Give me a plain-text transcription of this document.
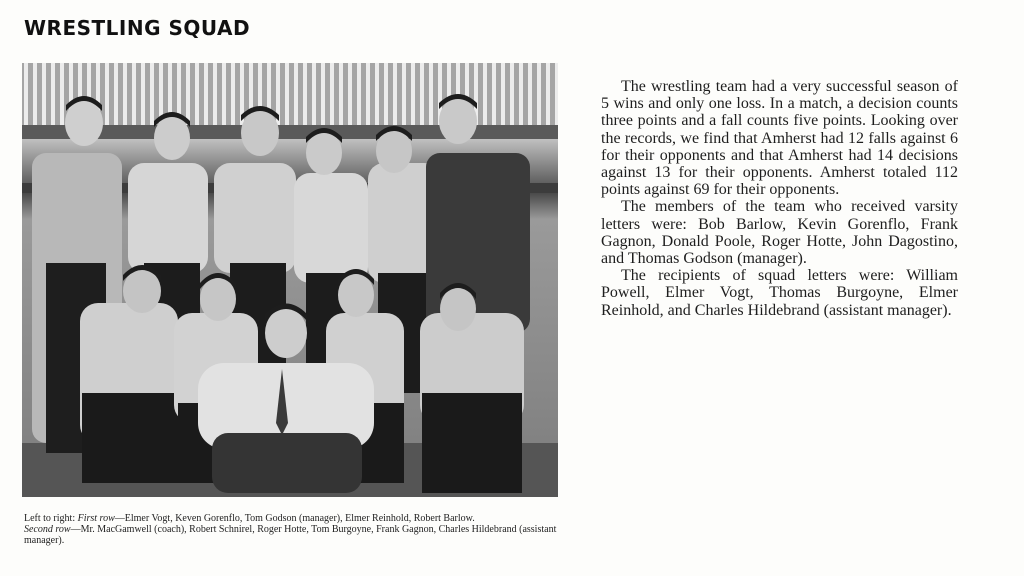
WRESTLING SQUAD

Left to right: First row—Elmer Vogt, Keven Gorenflo, Tom Godson (manager), Elmer Reinhold, Robert Barlow.

Second row—Mr. MacGamwell (coach), Robert Schnirel, Roger Hotte, Tom Burgoyne, Frank Gagnon, Charles Hildebrand (assistant manager).

The wrestling team had a very successful season of 5 wins and only one loss. In a match, a decision counts three points and a fall counts five points. Looking over the records, we find that Amherst had 12 falls against 6 for their opponents and that Amherst had 14 decisions against 13 for their opponents. Amherst totaled 112 points against 69 for their opponents.

The members of the team who received varsity letters were: Bob Barlow, Kevin Gorenflo, Frank Gagnon, Donald Poole, Roger Hotte, John Dagostino, and Thomas Godson (manager).

The recipients of squad letters were: William Powell, Elmer Vogt, Thomas Burgoyne, Elmer Reinhold, and Charles Hildebrand (assistant manager).
